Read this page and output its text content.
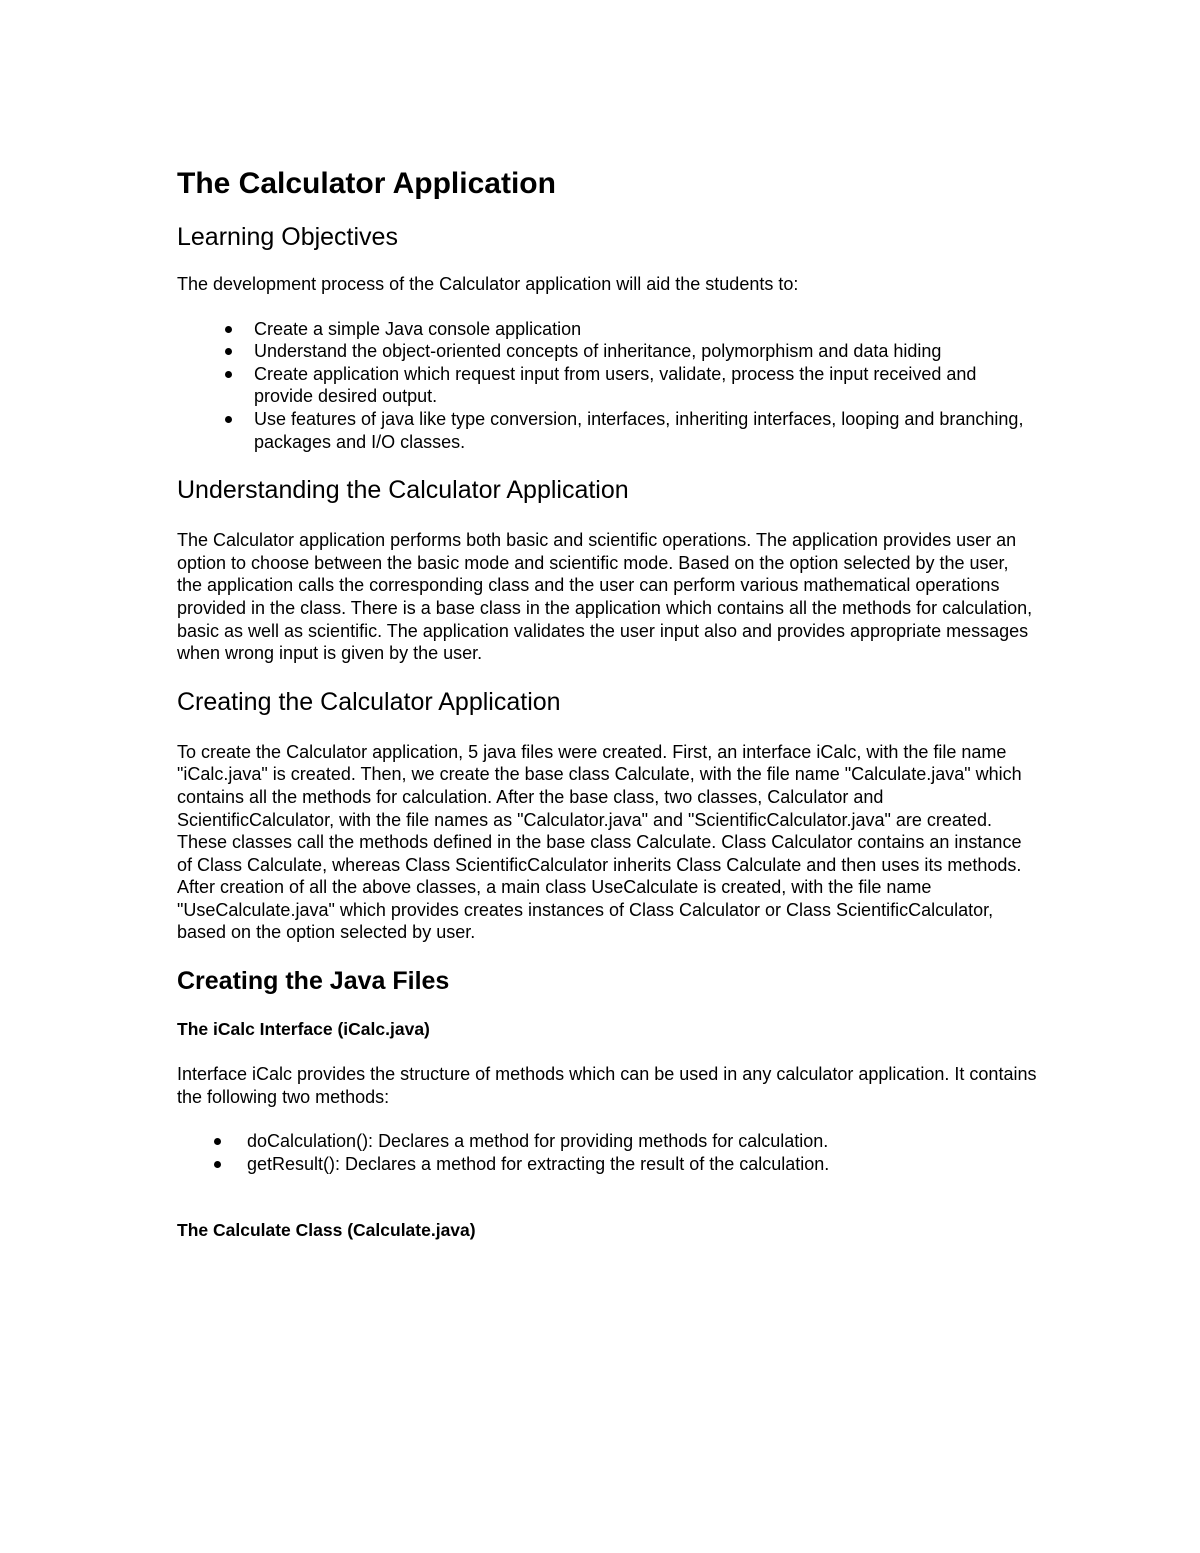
The Calculator Application
Learning Objectives

The development process of the Calculator application will aid the students to:

Create a simple Java console application
Understand the object-oriented concepts of inheritance, polymorphism and data hiding
Create application which request input from users, validate, process the input received and provide desired output.
Use features of java like type conversion, interfaces, inheriting interfaces, looping and branching, packages and I/O classes.
Understanding the Calculator Application

The Calculator application performs both basic and scientific operations. The application provides user an option to choose between the basic mode and scientific mode. Based on the option selected by the user, the application calls the corresponding class and the user can perform various mathematical operations provided in the class. There is a base class in the application which contains all the methods for calculation, basic as well as scientific. The application validates the user input also and provides appropriate messages when wrong input is given by the user.

Creating the Calculator Application

To create the Calculator application, 5 java files were created. First, an interface iCalc, with the file name "iCalc.java" is created. Then, we create the base class Calculate, with the file name "Calculate.java" which contains all the methods for calculation. After the base class, two classes, Calculator and ScientificCalculator, with the file names as "Calculator.java" and "ScientificCalculator.java" are created. These classes call the methods defined in the base class Calculate. Class Calculator contains an instance of Class Calculate, whereas Class ScientificCalculator inherits Class Calculate and then uses its methods. After creation of all the above classes, a main class UseCalculate is created, with the file name "UseCalculate.java" which provides creates instances of Class Calculator or Class ScientificCalculator, based on the option selected by user.

Creating the Java Files
The iCalc Interface (iCalc.java)

Interface iCalc provides the structure of methods which can be used in any calculator application. It contains the following two methods:

doCalculation(): Declares a method for providing methods for calculation.
getResult(): Declares a method for extracting the result of the calculation.
The Calculate Class (Calculate.java)
